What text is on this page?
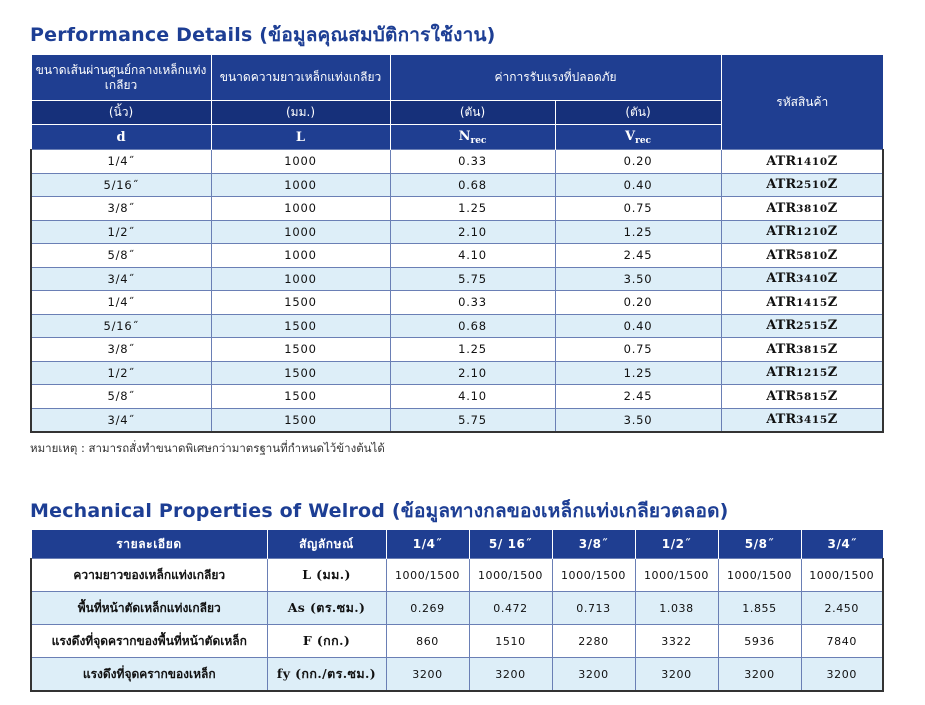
Performance Details (ข้อมูลคุณสมบัติการใช้งาน)
ขนาดเส้นผ่านศูนย์กลางเหล็กแท่งเกลียว	ขนาดความยาวเหล็กแท่งเกลียว	ค่าการรับแรงที่ปลอดภัย		รหัสสินค้า
(นิ้ว)	(มม.)	(ตัน)	(ตัน)	
d	L	$N_{rec}$	$V_{rec}$
1/4˝	1000	0.33	0.20	ATR1410Z
5/16˝	1000	0.68	0.40	ATR2510Z
3/8˝	1000	1.25	0.75	ATR3810Z
1/2˝	1000	2.10	1.25	ATR1210Z
5/8˝	1000	4.10	2.45	ATR5810Z
3/4˝	1000	5.75	3.50	ATR3410Z
1/4˝	1500	0.33	0.20	ATR1415Z
5/16˝	1500	0.68	0.40	ATR2515Z
3/8˝	1500	1.25	0.75	ATR3815Z
1/2˝	1500	2.10	1.25	ATR1215Z
5/8˝	1500	4.10	2.45	ATR5815Z
3/4˝	1500	5.75	3.50	ATR3415Z
หมายเหตุ : สามารถสั่งทำขนาดพิเศษกว่ามาตรฐานที่กำหนดไว้ข้างต้นได้
Mechanical Properties of Welrod (ข้อมูลทางกลของเหล็กแท่งเกลียวตลอด)
รายละเอียด	สัญลักษณ์	1/4˝	5/ 16˝	3/8˝	1/2˝	5/8˝	3/4˝
ความยาวของเหล็กแท่งเกลียว	L (มม.)	1000/1500	1000/1500	1000/1500	1000/1500	1000/1500	1000/1500
พื้นที่หน้าตัดเหล็กแท่งเกลียว	As (ตร.ซม.)	0.269	0.472	0.713	1.038	1.855	2.450
แรงดึงที่จุดครากของพื้นที่หน้าตัดเหล็ก	F (กก.)	860	1510	2280	3322	5936	7840
แรงดึงที่จุดครากของเหล็ก	fy (กก./ตร.ซม.)	3200	3200	3200	3200	3200	3200
